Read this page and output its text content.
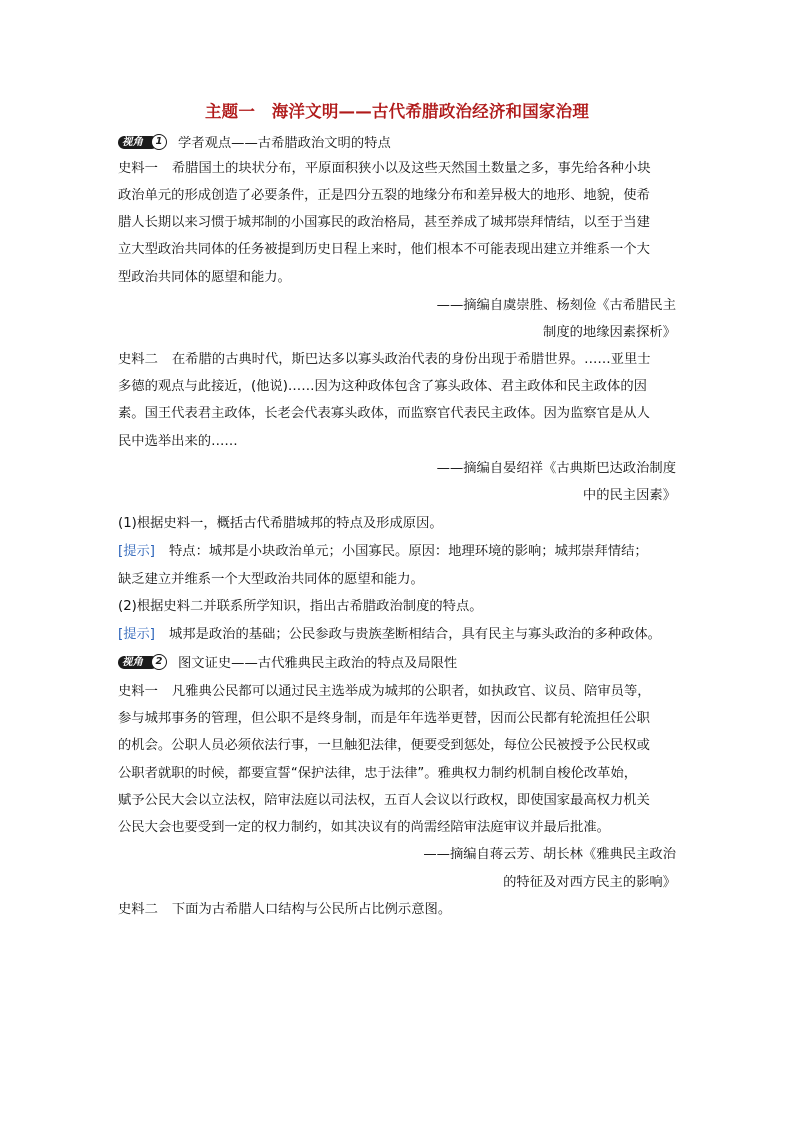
主题一　海洋文明——古代希腊政治经济和国家治理
视角	1	学者观点——古希腊政治文明的特点
史料一 希腊国土的块状分布，平原面积狭小以及这些天然国土数量之多，事先给各种小块
政治单元的形成创造了必要条件，正是四分五裂的地缘分布和差异极大的地形、地貌，使希
腊人长期以来习惯于城邦制的小国寡民的政治格局，甚至养成了城邦崇拜情结，以至于当建
立大型政治共同体的任务被提到历史日程上来时，他们根本不可能表现出建立并维系一个大
型政治共同体的愿望和能力。
——摘编自虞崇胜、杨刻俭《古希腊民主
制度的地缘因素探析》
史料二 在希腊的古典时代，斯巴达多以寡头政治代表的身份出现于希腊世界。……亚里士
多德的观点与此接近，(他说)……因为这种政体包含了寡头政体、君主政体和民主政体的因
素。国王代表君主政体，长老会代表寡头政体，而监察官代表民主政体。因为监察官是从人
民中选举出来的……
——摘编自晏绍祥《古典斯巴达政治制度
中的民主因素》
(1)根据史料一，概括古代希腊城邦的特点及形成原因。
[提示] 特点：城邦是小块政治单元；小国寡民。原因：地理环境的影响；城邦崇拜情结；
缺乏建立并维系一个大型政治共同体的愿望和能力。
(2)根据史料二并联系所学知识，指出古希腊政治制度的特点。
[提示] 城邦是政治的基础；公民参政与贵族垄断相结合，具有民主与寡头政治的多种政体。
视角	2	图文证史——古代雅典民主政治的特点及局限性
史料一 凡雅典公民都可以通过民主选举成为城邦的公职者，如执政官、议员、陪审员等，
参与城邦事务的管理，但公职不是终身制，而是年年选举更替，因而公民都有轮流担任公职
的机会。公职人员必须依法行事，一旦触犯法律，便要受到惩处，每位公民被授予公民权或
公职者就职的时候，都要宣誓“保护法律，忠于法律”。雅典权力制约机制自梭伦改革始，
赋予公民大会以立法权，陪审法庭以司法权，五百人会议以行政权，即使国家最高权力机关
公民大会也要受到一定的权力制约，如其决议有的尚需经陪审法庭审议并最后批准。
——摘编自蒋云芳、胡长林《雅典民主政治
的特征及对西方民主的影响》
史料二 下面为古希腊人口结构与公民所占比例示意图。
